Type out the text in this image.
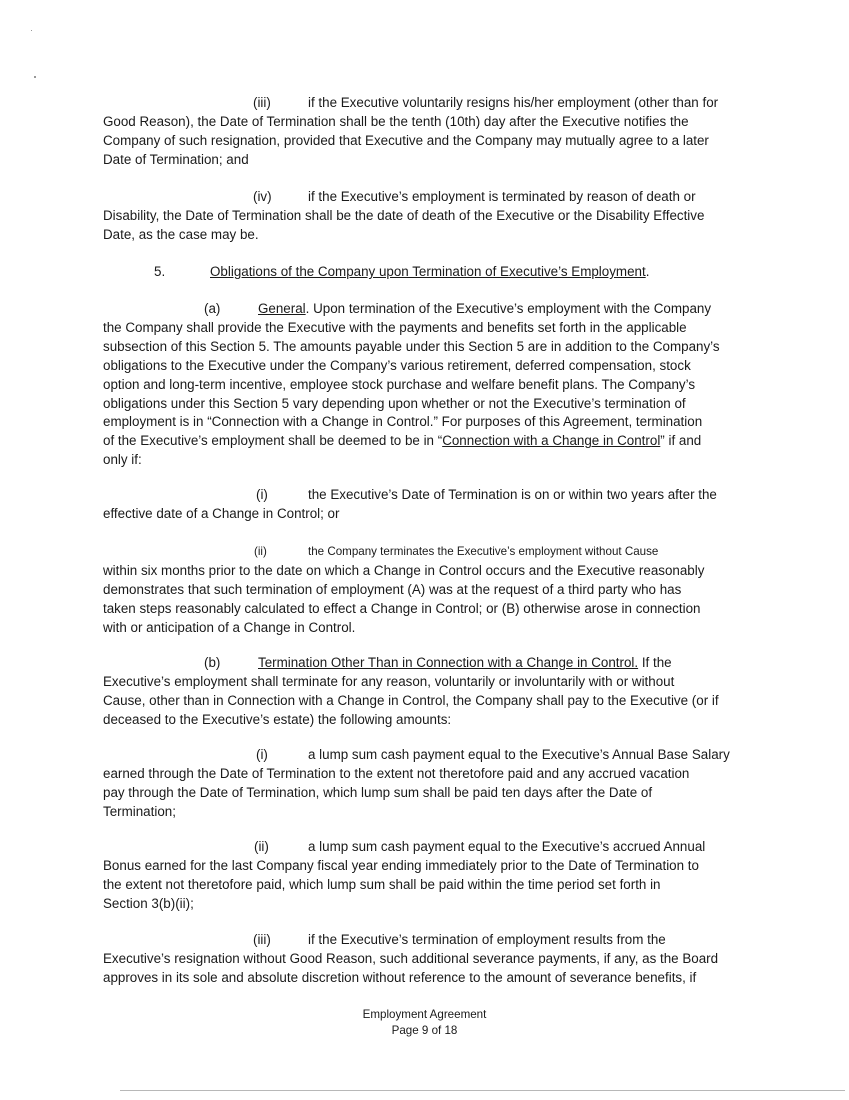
(iii)	if the Executive voluntarily resigns his/her employment (other than for
Good Reason), the Date of Termination shall be the tenth (10th) day after the Executive notifies the
Company of such resignation, provided that Executive and the Company may mutually agree to a later
Date of Termination; and
(iv)	if the Executive’s employment is terminated by reason of death or
Disability, the Date of Termination shall be the date of death of the Executive or the Disability Effective
Date, as the case may be.
5.	Obligations of the Company upon Termination of Executive’s Employment.
(a)	General. Upon termination of the Executive’s employment with the Company
the Company shall provide the Executive with the payments and benefits set forth in the applicable
subsection of this Section 5. The amounts payable under this Section 5 are in addition to the Company’s
obligations to the Executive under the Company’s various retirement, deferred compensation, stock
option and long-term incentive, employee stock purchase and welfare benefit plans. The Company’s
obligations under this Section 5 vary depending upon whether or not the Executive’s termination of
employment is in “Connection with a Change in Control.” For purposes of this Agreement, termination
of the Executive’s employment shall be deemed to be in “Connection with a Change in Control” if and
only if:
(i)	the Executive’s Date of Termination is on or within two years after the
effective date of a Change in Control; or
(ii)	the Company terminates the Executive’s employment without Cause
within six months prior to the date on which a Change in Control occurs and the Executive reasonably
demonstrates that such termination of employment (A) was at the request of a third party who has
taken steps reasonably calculated to effect a Change in Control; or (B) otherwise arose in connection
with or anticipation of a Change in Control.
(b)	Termination Other Than in Connection with a Change in Control. If the
Executive’s employment shall terminate for any reason, voluntarily or involuntarily with or without
Cause, other than in Connection with a Change in Control, the Company shall pay to the Executive (or if
deceased to the Executive’s estate) the following amounts:
(i)	a lump sum cash payment equal to the Executive’s Annual Base Salary
earned through the Date of Termination to the extent not theretofore paid and any accrued vacation
pay through the Date of Termination, which lump sum shall be paid ten days after the Date of
Termination;
(ii)	a lump sum cash payment equal to the Executive’s accrued Annual
Bonus earned for the last Company fiscal year ending immediately prior to the Date of Termination to
the extent not theretofore paid, which lump sum shall be paid within the time period set forth in
Section 3(b)(ii);
(iii)	if the Executive’s termination of employment results from the
Executive’s resignation without Good Reason, such additional severance payments, if any, as the Board
approves in its sole and absolute discretion without reference to the amount of severance benefits, if
Employment Agreement
Page 9 of 18
